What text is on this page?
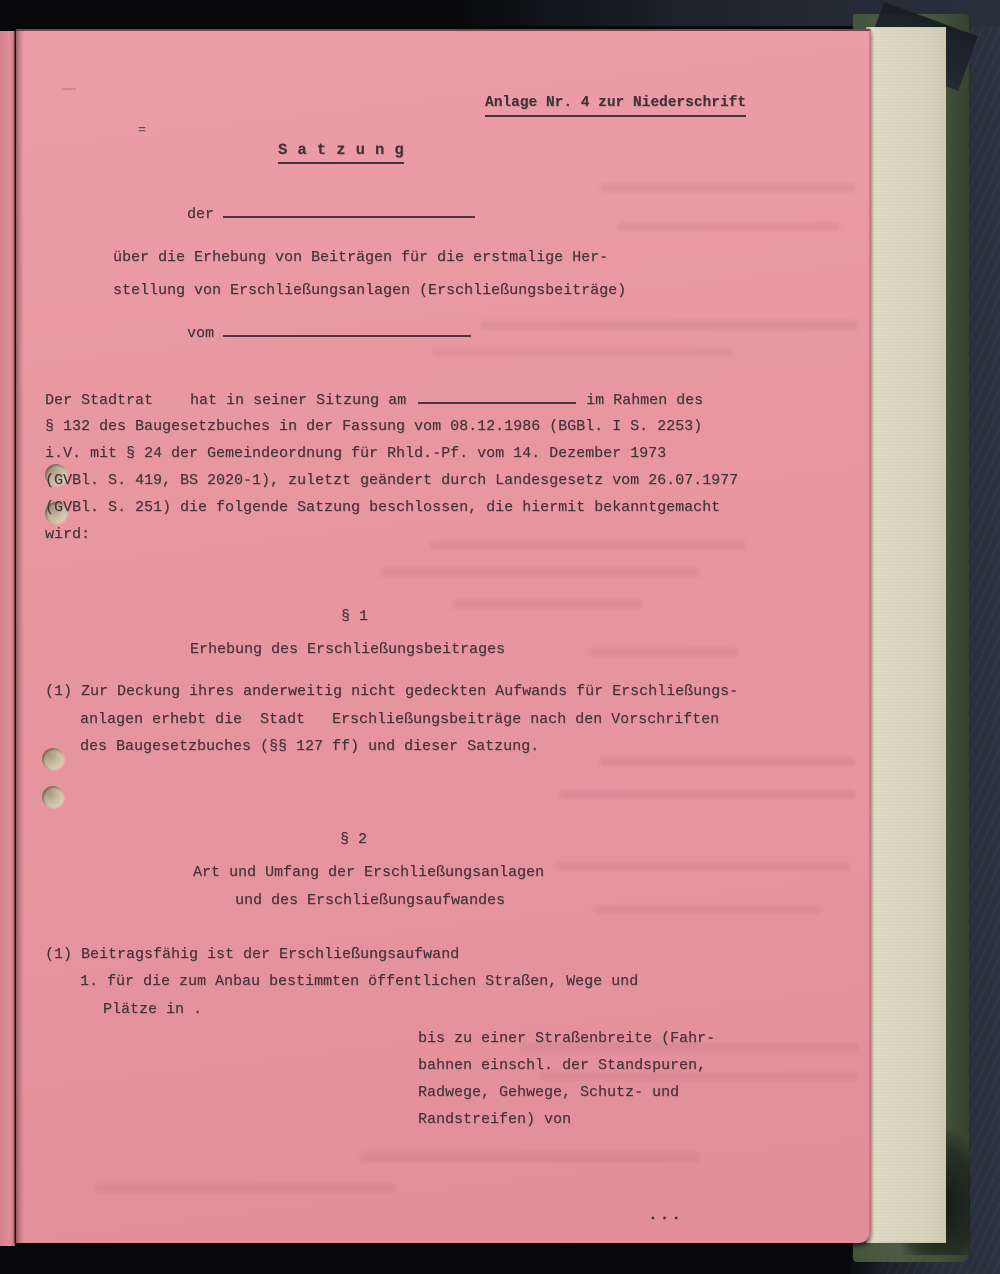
Anlage Nr. 4 zur Niederschrift
=
S a t z u n g
der
über die Erhebung von Beiträgen für die erstmalige Her-
stellung von Erschließungsanlagen (Erschließungsbeiträge)
vom
Der Stadtrat hat in seiner Sitzung am	im Rahmen des
§ 132 des Baugesetzbuches in der Fassung vom 08.12.1986 (BGBl. I S. 2253)
i.V. mit § 24 der Gemeindeordnung für Rhld.-Pf. vom 14. Dezember 1973
(GVBl. S. 419, BS 2020-1), zuletzt geändert durch Landesgesetz vom 26.07.1977
(GVBl. S. 251) die folgende Satzung beschlossen, die hiermit bekanntgemacht
wird:
§ 1
Erhebung des Erschließungsbeitrages
(1) Zur Deckung ihres anderweitig nicht gedeckten Aufwands für Erschließungs-
anlagen erhebt die  Stadt   Erschließungsbeiträge nach den Vorschriften
des Baugesetzbuches (§§ 127 ff) und dieser Satzung.
§ 2
Art und Umfang der Erschließungsanlagen
und des Erschließungsaufwandes
(1) Beitragsfähig ist der Erschließungsaufwand
1. für die zum Anbau bestimmten öffentlichen Straßen, Wege und
Plätze in .
bis zu einer Straßenbreite (Fahr-
bahnen einschl. der Standspuren,
Radwege, Gehwege, Schutz- und
Randstreifen) von
...
